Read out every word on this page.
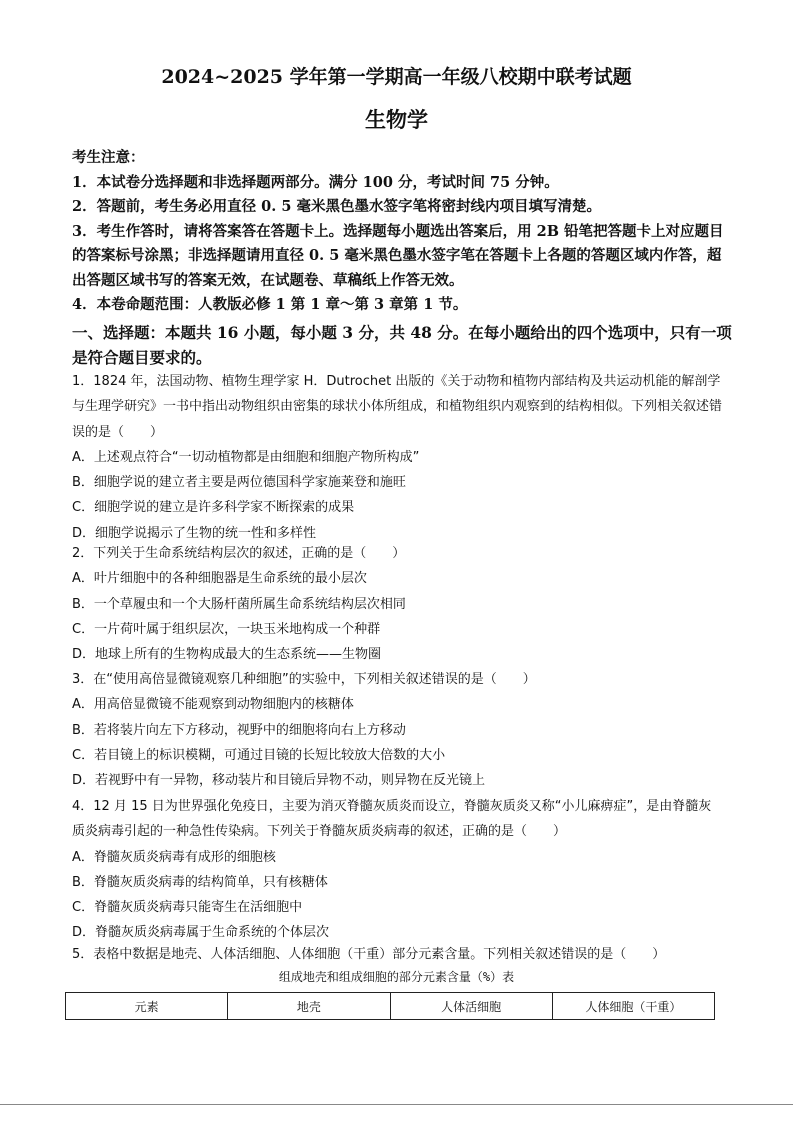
2024~2025 学年第一学期高一年级八校期中联考试题
生物学
考生注意：
1．本试卷分选择题和非选择题两部分。满分 100 分，考试时间 75 分钟。
2．答题前，考生务必用直径 0. 5 毫米黑色墨水签字笔将密封线内项目填写清楚。
3．考生作答时，请将答案答在答题卡上。选择题每小题选出答案后，用 2B 铅笔把答题卡上对应题目的答案标号涂黑；非选择题请用直径 0. 5 毫米黑色墨水签字笔在答题卡上各题的答题区域内作答，超出答题区域书写的答案无效，在试题卷、草稿纸上作答无效。
4．本卷命题范围：人教版必修 1 第 1 章～第 3 章第 1 节。

一、选择题：本题共 16 小题，每小题 3 分，共 48 分。在每小题给出的四个选项中，只有一项是符合题目要求的。

1．1824 年，法国动物、植物生理学家 H．Dutrochet 出版的《关于动物和植物内部结构及共运动机能的解剖学与生理学研究》一书中指出动物组织由密集的球状小体所组成，和植物组织内观察到的结构相似。下列相关叙述错误的是（　　）
A．上述观点符合“一切动植物都是由细胞和细胞产物所构成”
B．细胞学说的建立者主要是两位德国科学家施莱登和施旺
C．细胞学说的建立是许多科学家不断探索的成果
D．细胞学说揭示了生物的统一性和多样性
2．下列关于生命系统结构层次的叙述，正确的是（　　）
A．叶片细胞中的各种细胞器是生命系统的最小层次
B．一个草履虫和一个大肠杆菌所属生命系统结构层次相同
C．一片荷叶属于组织层次，一块玉米地构成一个种群
D．地球上所有的生物构成最大的生态系统——生物圈
3．在“使用高倍显微镜观察几种细胞”的实验中，下列相关叙述错误的是（　　）
A．用高倍显微镜不能观察到动物细胞内的核糖体
B．若将装片向左下方移动，视野中的细胞将向右上方移动
C．若目镜上的标识模糊，可通过目镜的长短比较放大倍数的大小
D．若视野中有一异物，移动装片和目镜后异物不动，则异物在反光镜上
4．12 月 15 日为世界强化免疫日，主要为消灭脊髓灰质炎而设立，脊髓灰质炎又称“小儿麻痹症”，是由脊髓灰质炎病毒引起的一种急性传染病。下列关于脊髓灰质炎病毒的叙述，正确的是（　　）
A．脊髓灰质炎病毒有成形的细胞核
B．脊髓灰质炎病毒的结构简单，只有核糖体
C．脊髓灰质炎病毒只能寄生在活细胞中
D．脊髓灰质炎病毒属于生命系统的个体层次
5．表格中数据是地壳、人体活细胞、人体细胞（干重）部分元素含量。下列相关叙述错误的是（　　）

组成地壳和组成细胞的部分元素含量（%）表

元素	地壳	人体活细胞	人体细胞（干重）
